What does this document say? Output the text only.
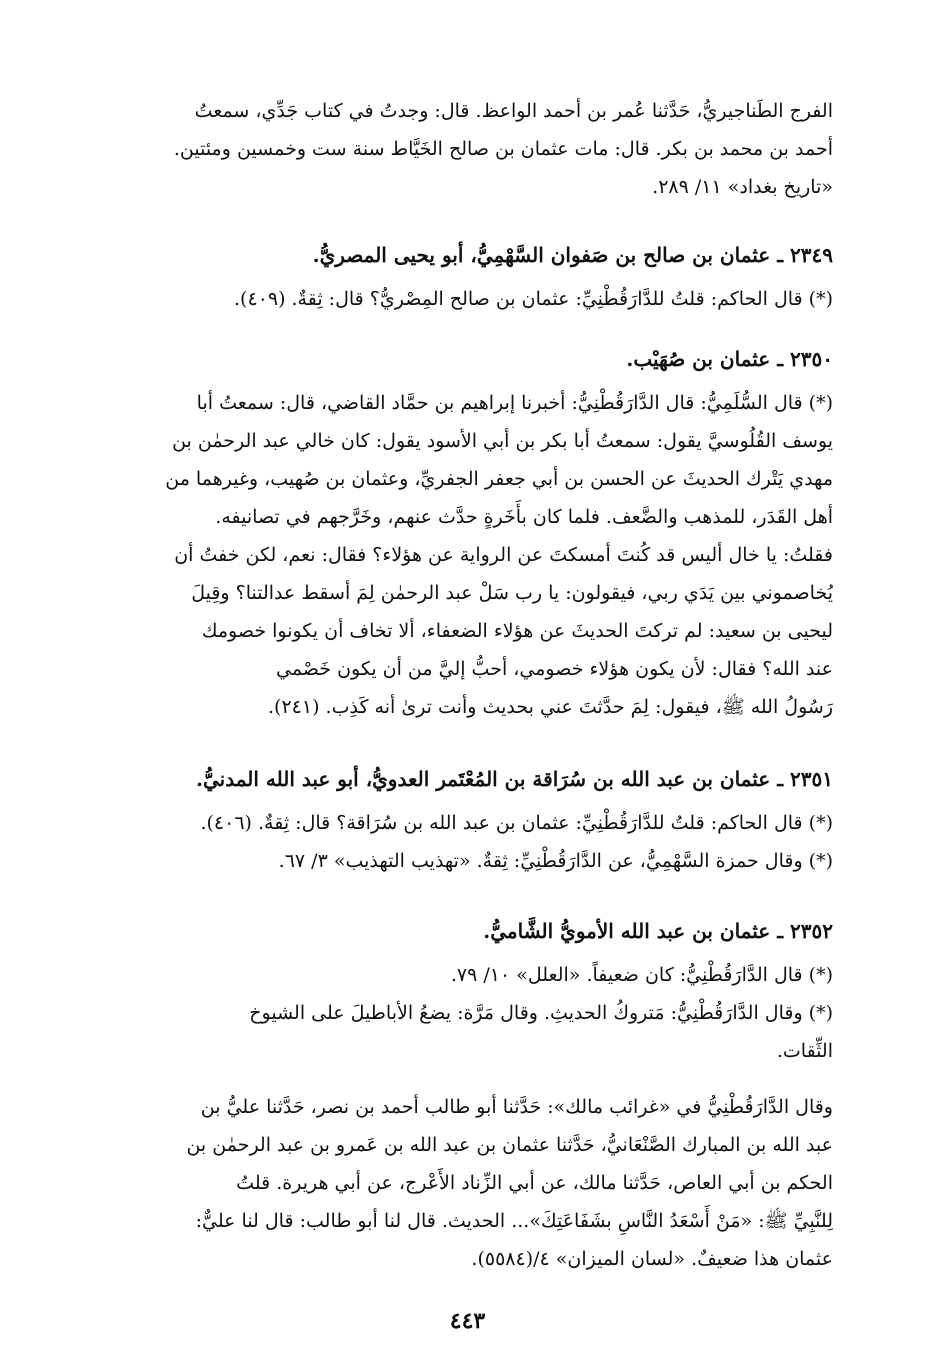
الفرج الطَناجيريُّ، حَدَّثنا عُمر بن أحمد الواعظ. قال: وجدتُ في كتاب جَدِّي، سمعتُ
أحمد بن محمد بن بكر. قال: مات عثمان بن صالح الخَيَّاط سنة ست وخمسين ومئتين.
«تاريخ بغداد» ١١/ ٢٨٩.
٢٣٤٩ ـ عثمان بن صالح بن صَفوان السَّهْمِيُّ، أبو يحيى المصريُّ.
(*) قال الحاكم: قلتُ للدَّارَقُطْنِيِّ: عثمان بن صالح المِصْريُّ؟ قال: ثِقةٌ. (٤٠٩).
٢٣٥٠ ـ عثمان بن صُهَيْب.
(*) قال السُّلَمِيُّ: قال الدَّارَقُطْنِيُّ: أخبرنا إبراهيم بن حمَّاد القاضي، قال: سمعتُ أبا
يوسف القُلُوسيَّ يقول: سمعتُ أبا بكر بن أبي الأسود يقول: كان خالي عبد الرحمٰن بن
مهدي يَتْرك الحديثَ عن الحسن بن أبي جعفر الجفريِّ، وعثمان بن صُهيب، وغيرهما من
أهل القَدَر، للمذهب والضَّعف. فلما كان بأَخَرةٍ حدَّث عنهم، وخَرَّجهم في تصانيفه.
فقلتُ: يا خال أليس قد كُنتَ أمسكتَ عن الرواية عن هؤلاء؟ فقال: نعم، لكن خفتُ أن
يُخاصموني بين يَدَي ربي، فيقولون: يا رب سَلْ عبد الرحمٰن لِمَ أسقط عدالتنا؟ وقِيلَ
ليحيى بن سعيد: لم تركتَ الحديثَ عن هؤلاء الضعفاء، ألا تخاف أن يكونوا خصومك
عند الله؟ فقال: لأن يكون هؤلاء خصومي، أحبُّ إليَّ من أن يكون خَصْمي
رَسُولُ الله ﷺ، فيقول: لِمَ حدَّثتَ عني بحديث وأنت ترىٰ أنه كَذِب. (٢٤١).
٢٣٥١ ـ عثمان بن عبد الله بن سُرَاقة بن المُعْتَمر العدويُّ، أبو عبد الله المدنيُّ.
(*) قال الحاكم: قلتُ للدَّارَقُطْنِيِّ: عثمان بن عبد الله بن سُرَاقة؟ قال: ثِقةٌ. (٤٠٦).
(*) وقال حمزة السَّهْمِيُّ، عن الدَّارَقُطْنِيِّ: ثِقةٌ. «تهذيب التهذيب» ٣/ ٦٧.
٢٣٥٢ ـ عثمان بن عبد الله الأمويُّ الشَّاميُّ.
(*) قال الدَّارَقُطْنِيُّ: كان ضعيفاً. «العلل» ١٠/ ٧٩.
(*) وقال الدَّارَقُطْنِيُّ: مَتروكُ الحديثِ. وقال مَرَّة: يضعُ الأباطيلَ على الشيوخ
الثِّقات.
وقال الدَّارَقُطْنِيُّ في «غرائب مالك»: حَدَّثنا أبو طالب أحمد بن نصر، حَدَّثنا عليُّ بن
عبد الله بن المبارك الصَّنْعَانيُّ، حَدَّثنا عثمان بن عبد الله بن عَمرو بن عبد الرحمٰن بن
الحكم بن أبي العاص، حَدَّثنا مالك، عن أبي الزِّناد الأَعْرج، عن أبي هريرة. قلتُ
لِلنَّبِيِّ ﷺ: «مَنْ أَسْعَدُ النَّاسِ بشَفَاعَتِكَ»... الحديث. قال لنا أبو طالب: قال لنا عليٌّ:
عثمان هذا ضعيفٌ. «لسان الميزان» ٤/(٥٥٨٤).
٤٤٣
